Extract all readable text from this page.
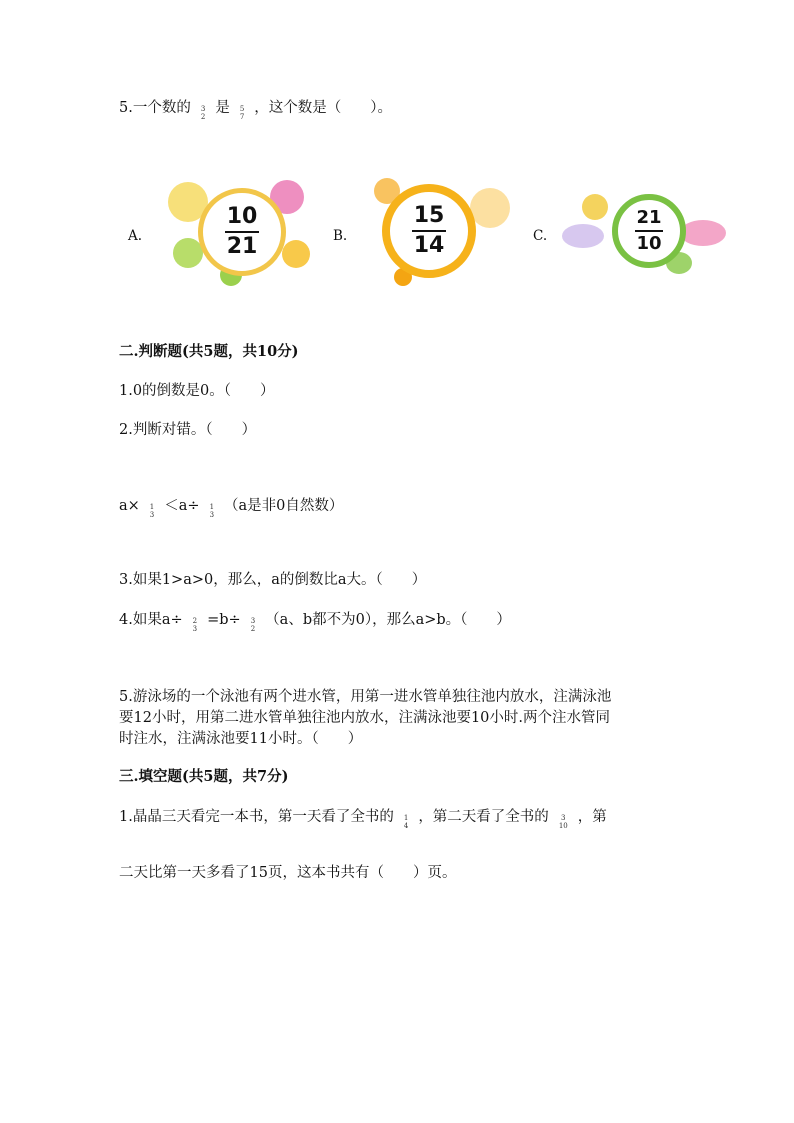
5.一个数的 3
2
是 5
7
，这个数是（　　）。
A.
10
21	B.
15
14	C.
21
10
二.判断题(共5题，共10分)
1.0的倒数是0。（　　）
2.判断对错。（　　）
a× 1
3
＜a÷ 1
3
（a是非0自然数）
3.如果1>a>0，那么，a的倒数比a大。（　　）
4.如果a÷ 2
3
=b÷ 3
2
（a、b都不为0），那么a>b。（　　）
5.游泳场的一个泳池有两个进水管，用第一进水管单独往池内放水，注满泳池
要12小时，用第二进水管单独往池内放水，注满泳池要10小时.两个注水管同
时注水，注满泳池要11小时。（　　）
三.填空题(共5题，共7分)
1.晶晶三天看完一本书，第一天看了全书的 1
4
，第二天看了全书的 3
10
，第
二天比第一天多看了15页，这本书共有（　　）页。
